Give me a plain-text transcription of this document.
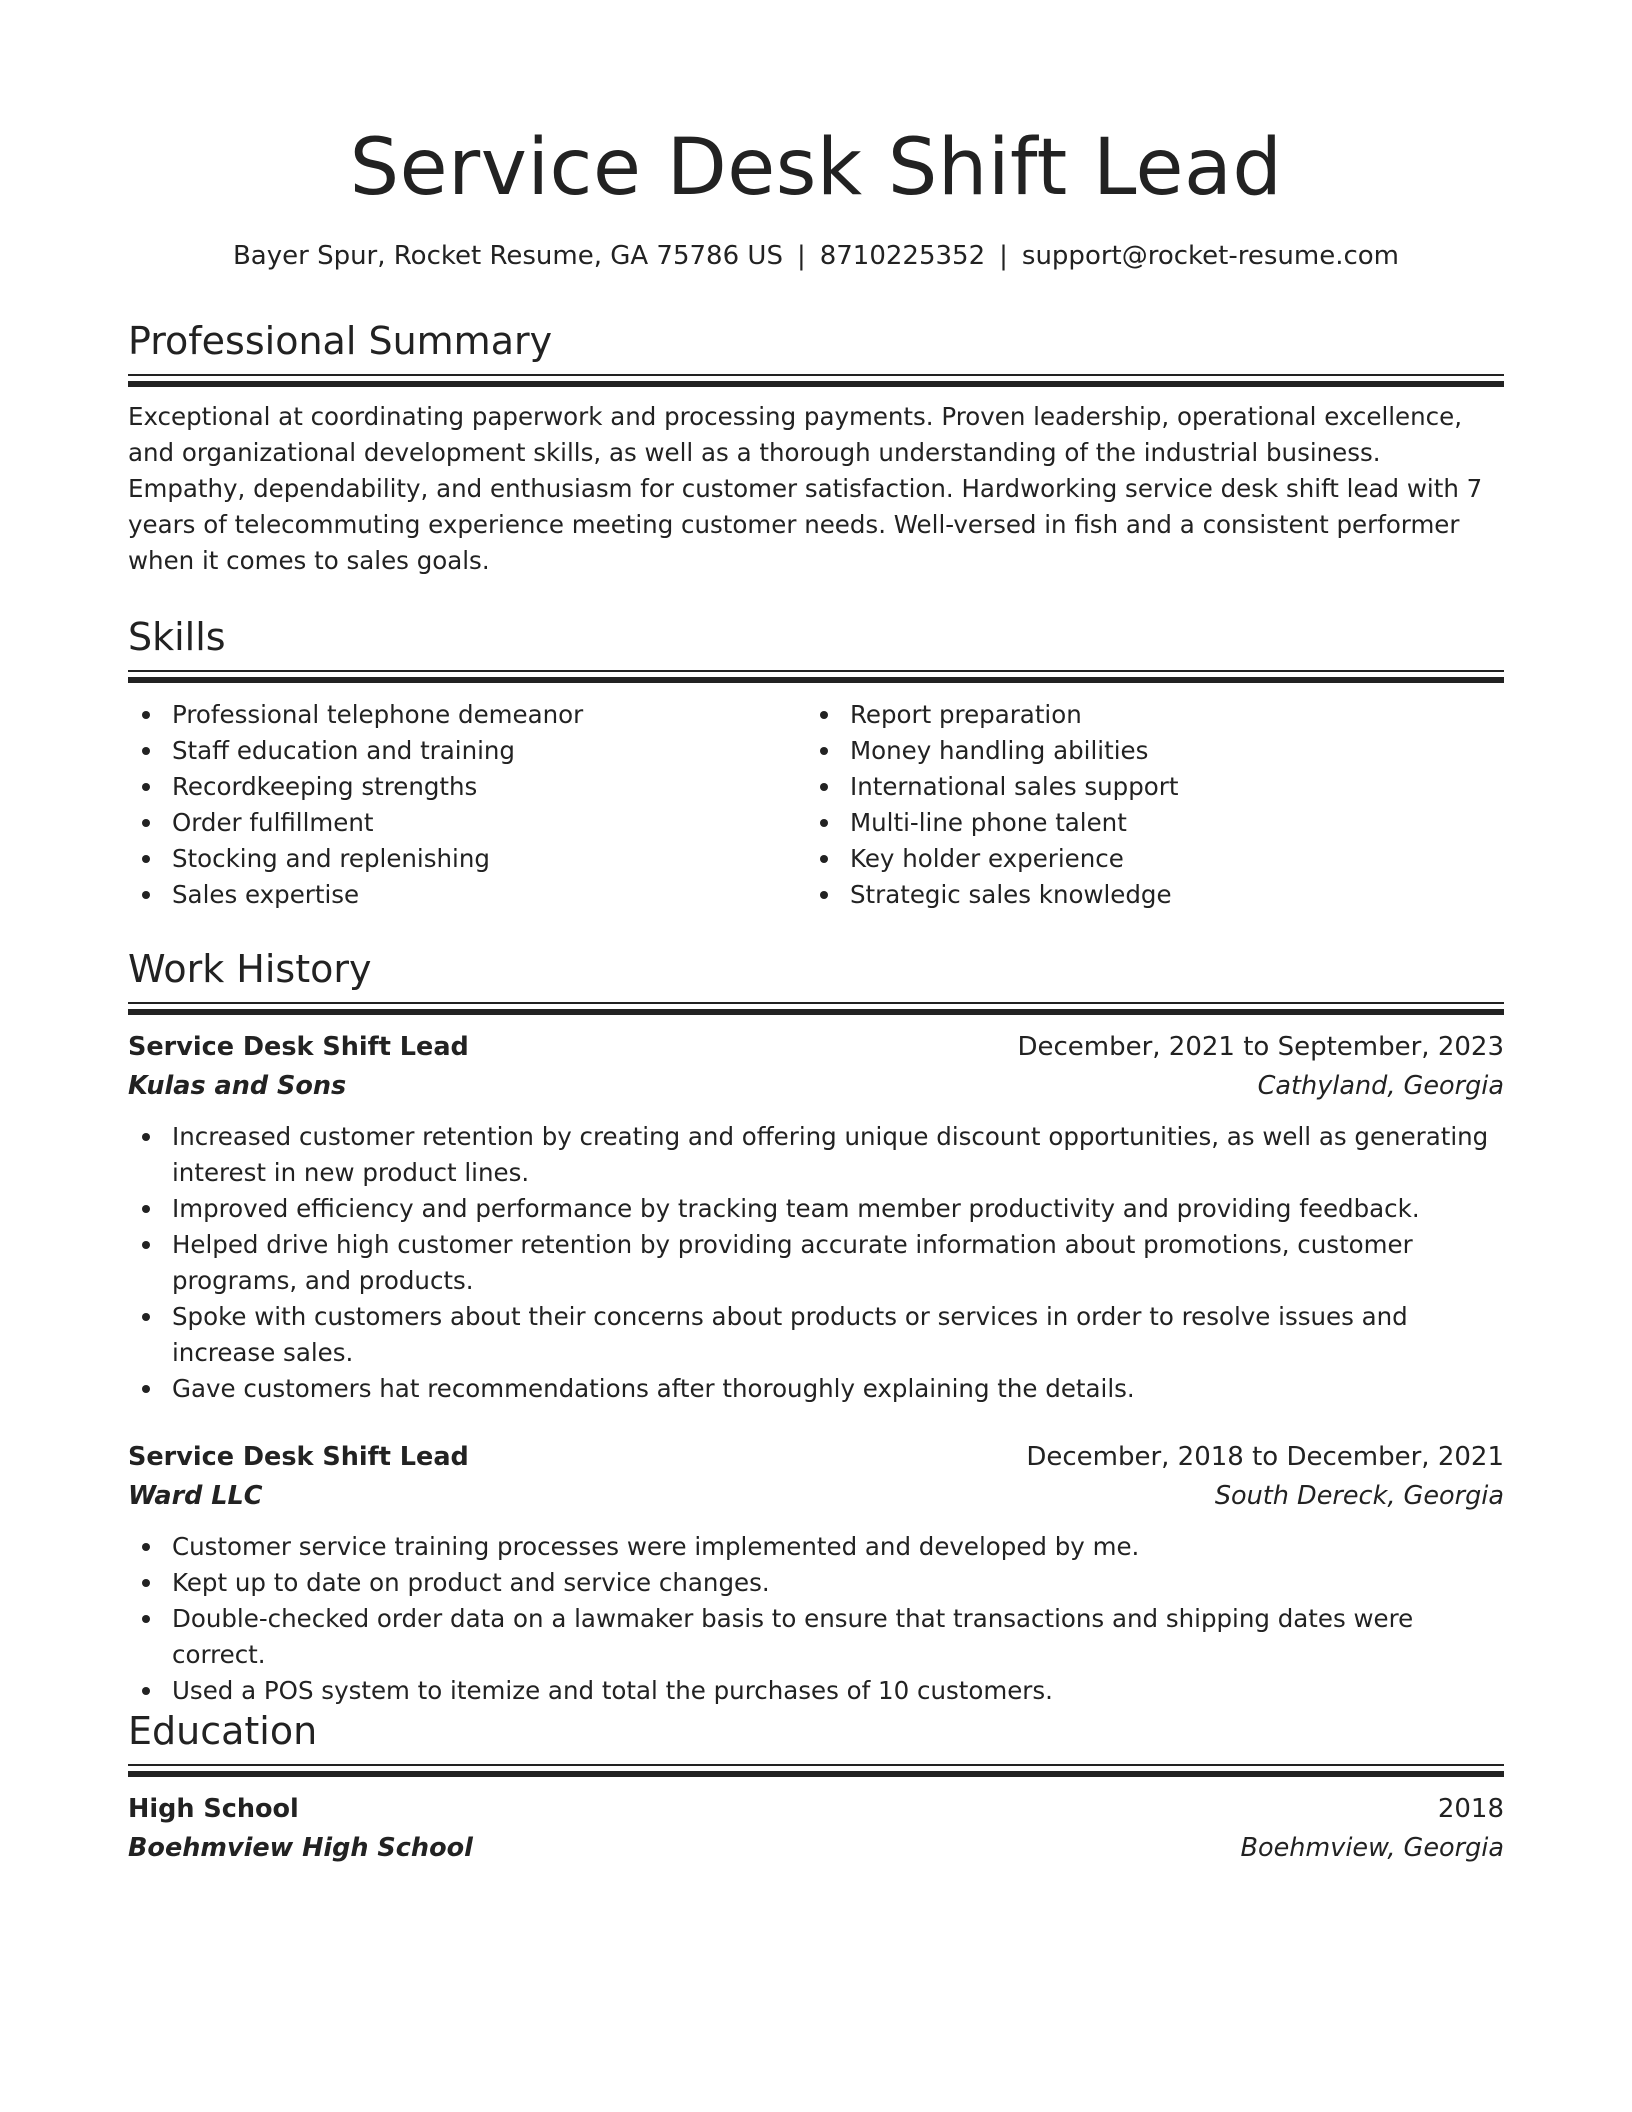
Service Desk Shift Lead
Bayer Spur, Rocket Resume, GA 75786 US | 8710225352 | support@rocket-resume.com
Professional Summary

Exceptional at coordinating paperwork and processing payments. Proven leadership, operational excellence, and organizational development skills, as well as a thorough understanding of the industrial business. Empathy, dependability, and enthusiasm for customer satisfaction. Hardworking service desk shift lead with 7 years of telecommuting experience meeting customer needs. Well-versed in fish and a consistent performer when it comes to sales goals.

Skills
Professional telephone demeanor
Staff education and training
Recordkeeping strengths
Order fulfillment
Stocking and replenishing
Sales expertise
Report preparation
Money handling abilities
International sales support
Multi-line phone talent
Key holder experience
Strategic sales knowledge
Work History
Service Desk Shift Lead	December, 2021 to September, 2023
Kulas and Sons	Cathyland, Georgia
Increased customer retention by creating and offering unique discount opportunities, as well as generating interest in new product lines.
Improved efficiency and performance by tracking team member productivity and providing feedback.
Helped drive high customer retention by providing accurate information about promotions, customer programs, and products.
Spoke with customers about their concerns about products or services in order to resolve issues and increase sales.
Gave customers hat recommendations after thoroughly explaining the details.
Service Desk Shift Lead	December, 2018 to December, 2021
Ward LLC	South Dereck, Georgia
Customer service training processes were implemented and developed by me.
Kept up to date on product and service changes.
Double-checked order data on a lawmaker basis to ensure that transactions and shipping dates were correct.
Used a POS system to itemize and total the purchases of 10 customers.
Education
High School	2018
Boehmview High School	Boehmview, Georgia
